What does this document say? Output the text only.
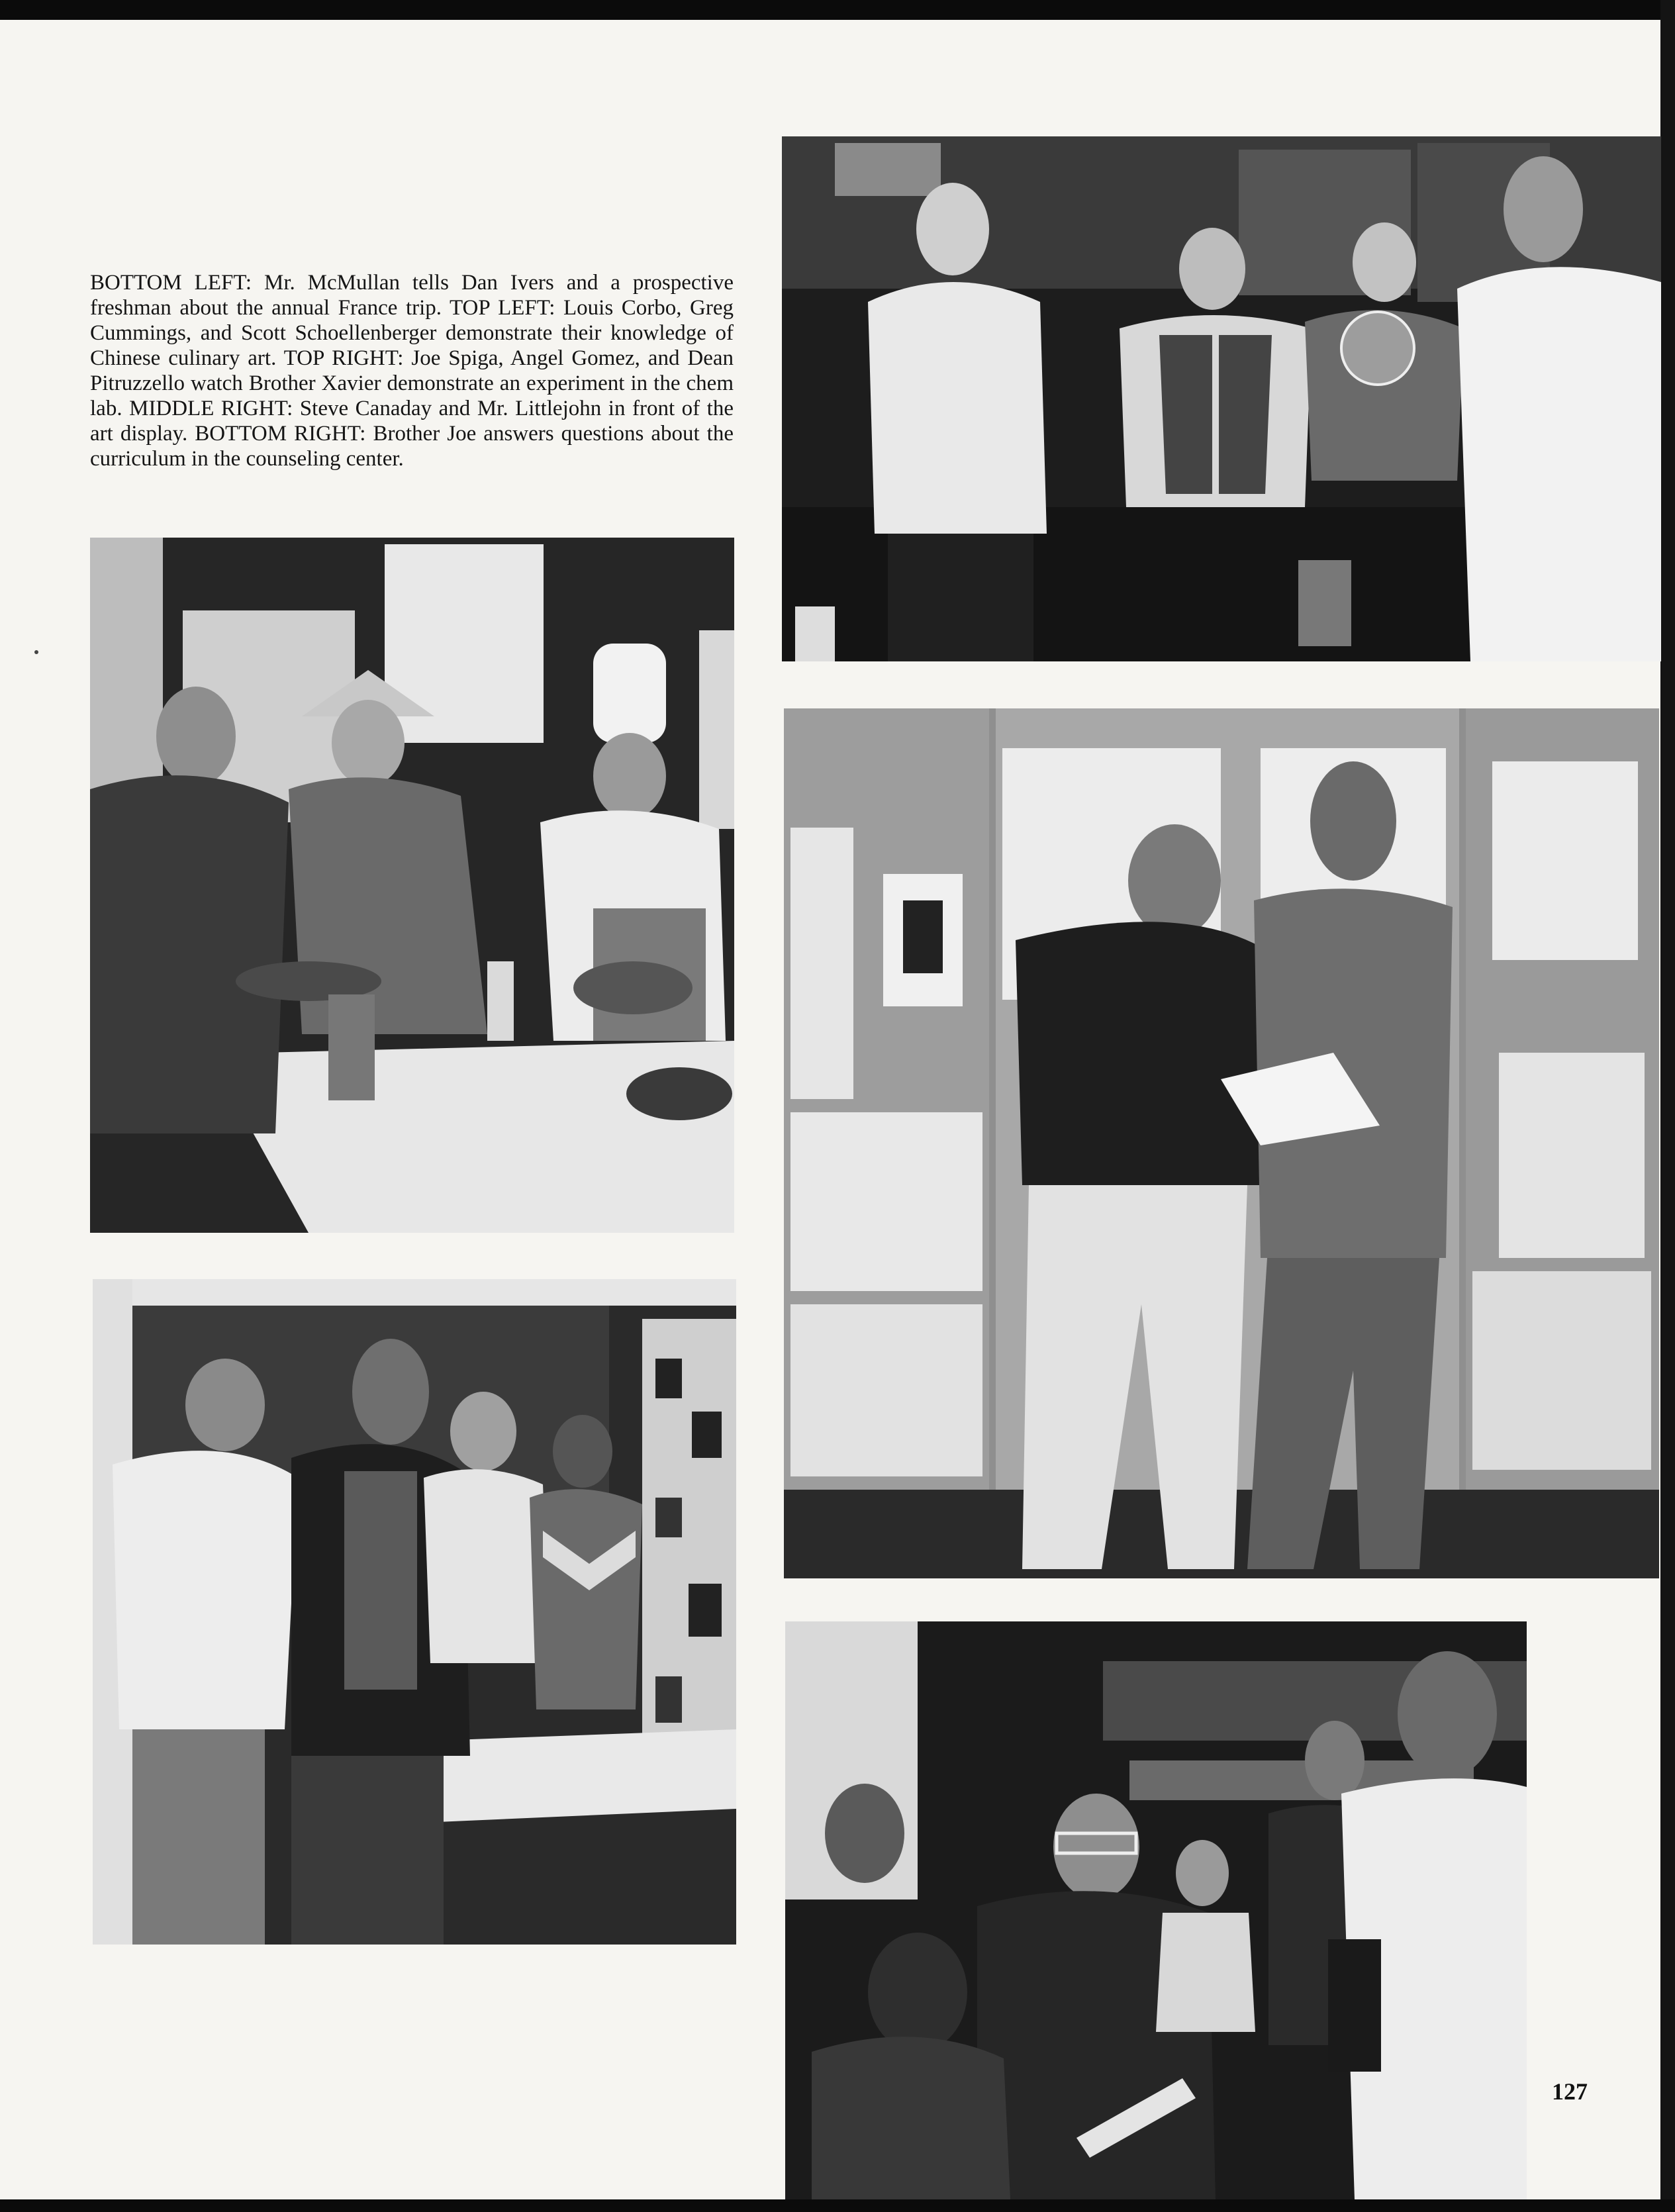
BOTTOM LEFT: Mr. McMullan tells Dan Ivers and a prospective freshman about the annual France trip. TOP LEFT: Louis Corbo, Greg Cummings, and Scott Schoellenberger demonstrate their knowledge of Chinese culinary art. TOP RIGHT: Joe Spiga, Angel Gomez, and Dean Pitruzzello watch Brother Xavier demonstrate an experiment in the chem lab. MIDDLE RIGHT: Steve Canaday and Mr. Littlejohn in front of the art display. BOTTOM RIGHT: Brother Joe answers questions about the curriculum in the counseling center.

127
